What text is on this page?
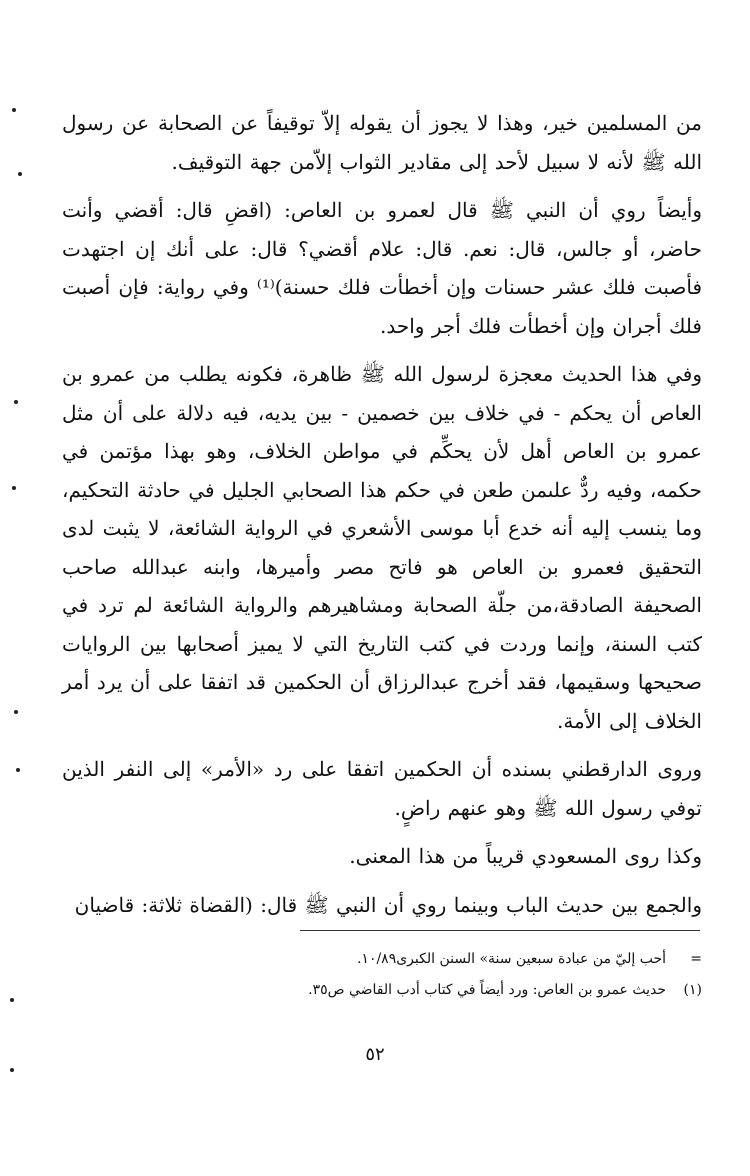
من المسلمين خير، وهذا لا يجوز أن يقوله إلاّ توقيفاً عن الصحابة عن رسول الله ﷺ لأنه لا سبيل لأحد إلى مقادير الثواب إلاّمن جهة التوقيف.

وأيضاً روي أن النبي ﷺ قال لعمرو بن العاص: (اقضِ قال: أقضي وأنت حاضر، أو جالس، قال: نعم. قال: علام أقضي؟ قال: على أنك إن اجتهدت فأصبت فلك عشر حسنات وإن أخطأت فلك حسنة)⁽¹⁾ وفي رواية: فإن أصبت فلك أجران وإن أخطأت فلك أجر واحد.

وفي هذا الحديث معجزة لرسول الله ﷺ ظاهرة، فكونه يطلب من عمرو بن العاص أن يحكم - في خلاف بين خصمين - بين يديه، فيه دلالة على أن مثل عمرو بن العاص أهل لأن يحكِّم في مواطن الخلاف، وهو بهذا مؤتمن في حكمه، وفيه ردٌّ علىمن طعن في حكم هذا الصحابي الجليل في حادثة التحكيم، وما ينسب إليه أنه خدع أبا موسى الأشعري في الرواية الشائعة، لا يثبت لدى التحقيق فعمرو بن العاص هو فاتح مصر وأميرها، وابنه عبدالله صاحب الصحيفة الصادقة،من جلّة الصحابة ومشاهيرهم والرواية الشائعة لم ترد في كتب السنة، وإنما وردت في كتب التاريخ التي لا يميز أصحابها بين الروايات صحيحها وسقيمها، فقد أخرج عبدالرزاق أن الحكمين قد اتفقا على أن يرد أمر الخلاف إلى الأمة.

وروى الدارقطني بسنده أن الحكمين اتفقا على رد «الأمر» إلى النفر الذين توفي رسول الله ﷺ وهو عنهم راضٍ.

وكذا روى المسعودي قريباً من هذا المعنى.

والجمع بين حديث الباب وبينما روي أن النبي ﷺ قال: (القضاة ثلاثة: قاضيان

=
أحب إليّ من عبادة سبعين سنة» السنن الكبرى١٠/٨٩.
(١)
حديث عمرو بن العاص: ورد أيضاً في كتاب أدب القاضي ص٣٥.
٥٢
